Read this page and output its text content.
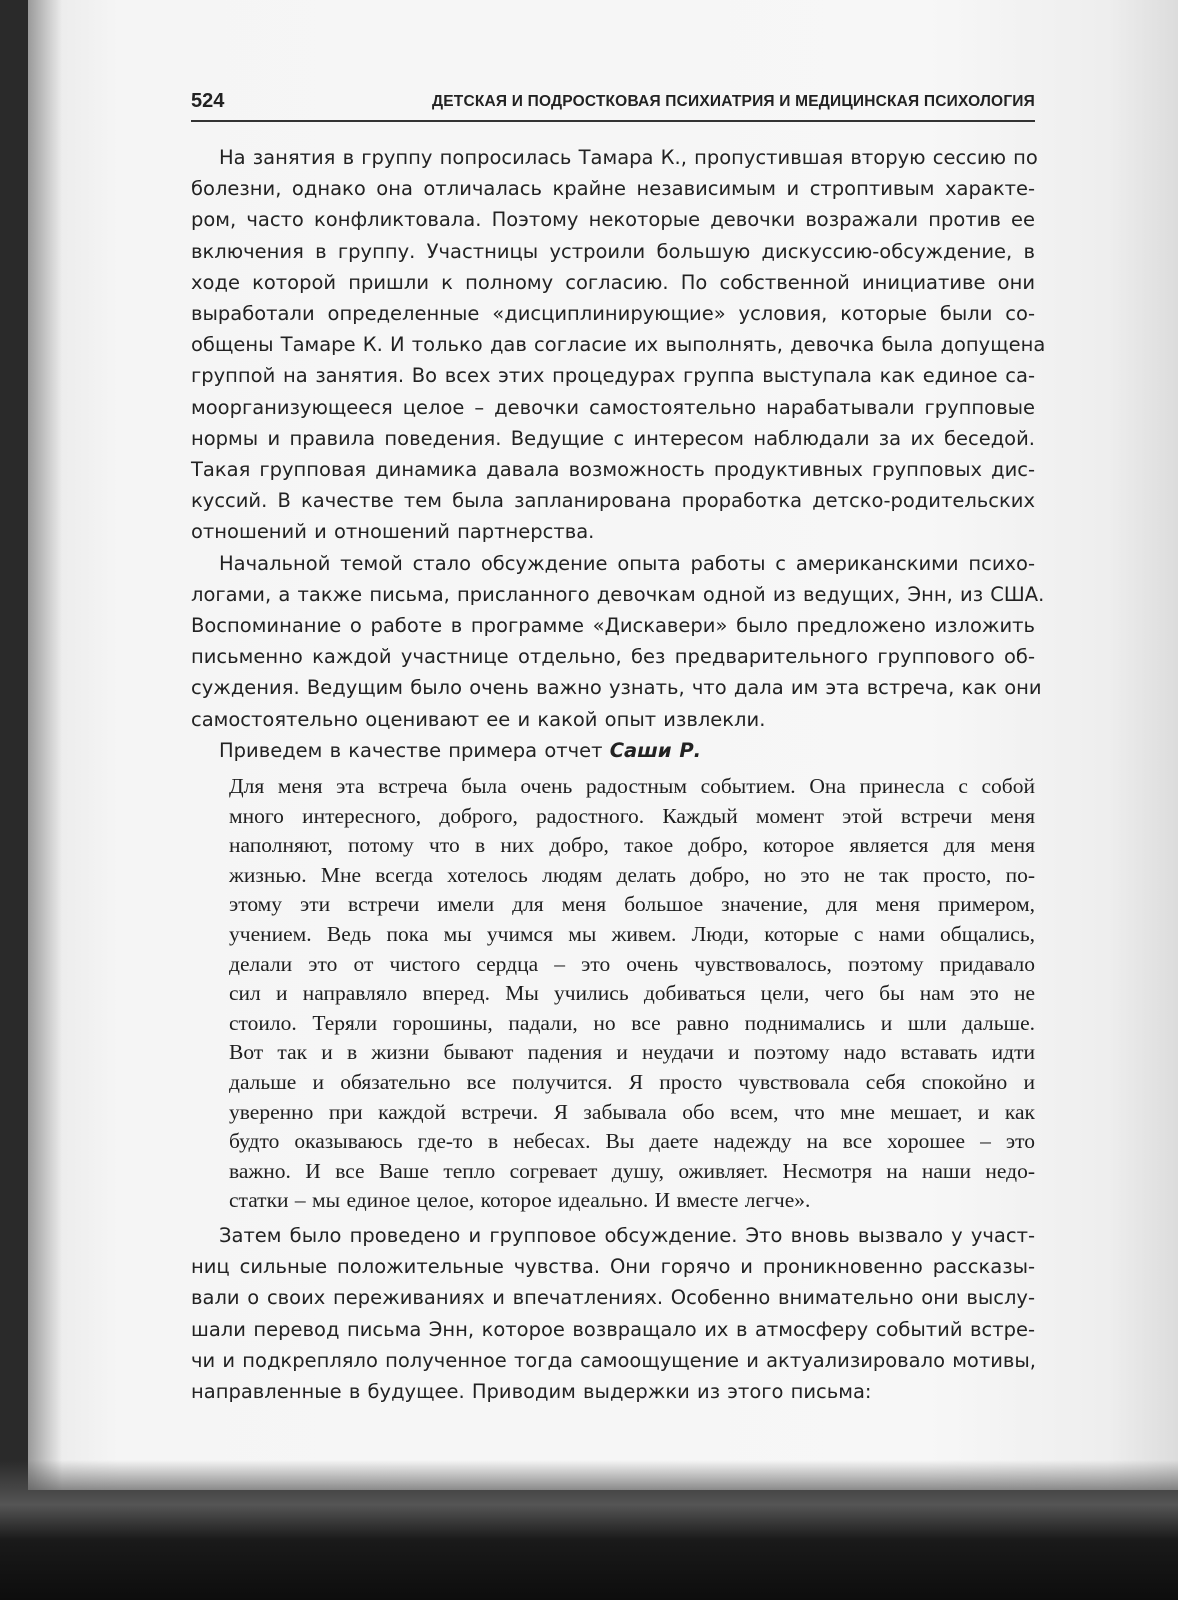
524	ДЕТСКАЯ И ПОДРОСТКОВАЯ ПСИХИАТРИЯ И МЕДИЦИНСКАЯ ПСИХОЛОГИЯ

На занятия в группу попросилась Тамара К., пропустившая вторую сессию по
болезни, однако она отличалась крайне независимым и строптивым характе-
ром, часто конфликтовала. Поэтому некоторые девочки возражали против ее
включения в группу. Участницы устроили большую дискуссию-обсуждение, в
ходе которой пришли к полному согласию. По собственной инициативе они
выработали определенные «дисциплинирующие» условия, которые были со-
общены Тамаре К. И только дав согласие их выполнять, девочка была допущена
группой на занятия. Во всех этих процедурах группа выступала как единое са-
моорганизующееся целое – девочки самостоятельно нарабатывали групповые
нормы и правила поведения. Ведущие с интересом наблюдали за их беседой.
Такая групповая динамика давала возможность продуктивных групповых дис-
куссий. В качестве тем была запланирована проработка детско-родительских
отношений и отношений партнерства.

Начальной темой стало обсуждение опыта работы с американскими психо-
логами, а также письма, присланного девочкам одной из ведущих, Энн, из США.
Воспоминание о работе в программе «Дискавери» было предложено изложить
письменно каждой участнице отдельно, без предварительного группового об-
суждения. Ведущим было очень важно узнать, что дала им эта встреча, как они
самостоятельно оценивают ее и какой опыт извлекли.

Приведем в качестве примера отчет Саши Р.

Для меня эта встреча была очень радостным событием. Она принесла с собой
много интересного, доброго, радостного. Каждый момент этой встречи меня
наполняют, потому что в них добро, такое добро, которое является для меня
жизнью. Мне всегда хотелось людям делать добро, но это не так просто, по-
этому эти встречи имели для меня большое значение, для меня примером,
учением. Ведь пока мы учимся мы живем. Люди, которые с нами общались,
делали это от чистого сердца – это очень чувствовалось, поэтому придавало
сил и направляло вперед. Мы учились добиваться цели, чего бы нам это не
стоило. Теряли горошины, падали, но все равно поднимались и шли дальше.
Вот так и в жизни бывают падения и неудачи и поэтому надо вставать идти
дальше и обязательно все получится. Я просто чувствовала себя спокойно и
уверенно при каждой встречи. Я забывала обо всем, что мне мешает, и как
будто оказываюсь где-то в небесах. Вы даете надежду на все хорошее – это
важно. И все Ваше тепло согревает душу, оживляет. Несмотря на наши недо-
статки – мы единое целое, которое идеально. И вместе легче».

Затем было проведено и групповое обсуждение. Это вновь вызвало у участ-
ниц сильные положительные чувства. Они горячо и проникновенно рассказы-
вали о своих переживаниях и впечатлениях. Особенно внимательно они выслу-
шали перевод письма Энн, которое возвращало их в атмосферу событий встре-
чи и подкрепляло полученное тогда самоощущение и актуализировало мотивы,
направленные в будущее. Приводим выдержки из этого письма:
